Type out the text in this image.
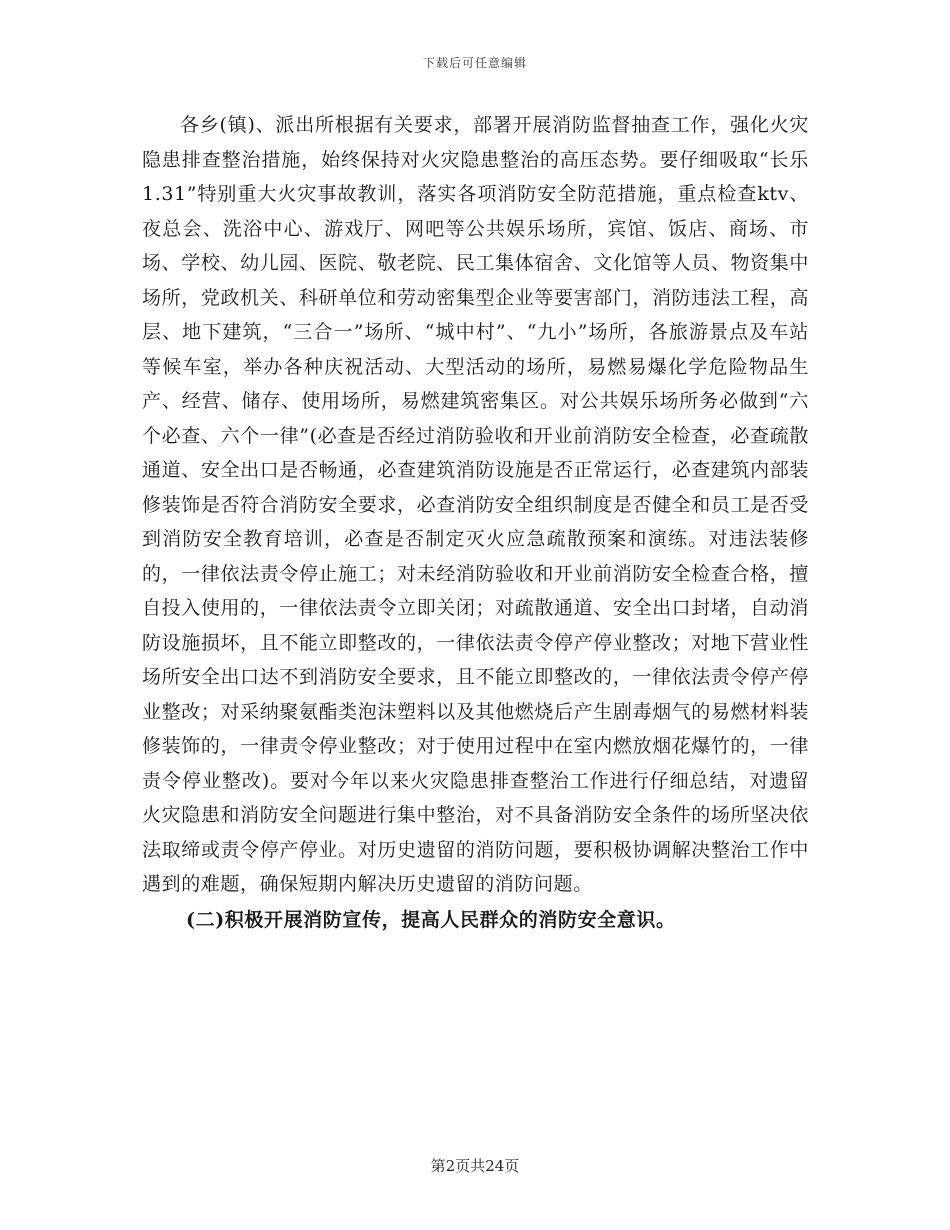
下载后可任意编辑

各乡(镇)、派出所根据有关要求，部署开展消防监督抽查工作，强化火灾隐患排查整治措施，始终保持对火灾隐患整治的高压态势。要仔细吸取“长乐1.31”特别重大火灾事故教训，落实各项消防安全防范措施，重点检查ktv、夜总会、洗浴中心、游戏厅、网吧等公共娱乐场所，宾馆、饭店、商场、市场、学校、幼儿园、医院、敬老院、民工集体宿舍、文化馆等人员、物资集中场所，党政机关、科研单位和劳动密集型企业等要害部门，消防违法工程，高层、地下建筑，“三合一”场所、“城中村”、“九小”场所，各旅游景点及车站等候车室，举办各种庆祝活动、大型活动的场所，易燃易爆化学危险物品生产、经营、储存、使用场所，易燃建筑密集区。对公共娱乐场所务必做到“六个必查、六个一律”(必查是否经过消防验收和开业前消防安全检查，必查疏散通道、安全出口是否畅通，必查建筑消防设施是否正常运行，必查建筑内部装修装饰是否符合消防安全要求，必查消防安全组织制度是否健全和员工是否受到消防安全教育培训，必查是否制定灭火应急疏散预案和演练。对违法装修的，一律依法责令停止施工；对未经消防验收和开业前消防安全检查合格，擅自投入使用的，一律依法责令立即关闭；对疏散通道、安全出口封堵，自动消防设施损坏，且不能立即整改的，一律依法责令停产停业整改；对地下营业性场所安全出口达不到消防安全要求，且不能立即整改的，一律依法责令停产停业整改；对采纳聚氨酯类泡沫塑料以及其他燃烧后产生剧毒烟气的易燃材料装修装饰的，一律责令停业整改；对于使用过程中在室内燃放烟花爆竹的，一律责令停业整改)。要对今年以来火灾隐患排查整治工作进行仔细总结，对遗留火灾隐患和消防安全问题进行集中整治，对不具备消防安全条件的场所坚决依法取缔或责令停产停业。对历史遗留的消防问题，要积极协调解决整治工作中遇到的难题，确保短期内解决历史遗留的消防问题。

(二)积极开展消防宣传，提高人民群众的消防安全意识。

第2页共24页
